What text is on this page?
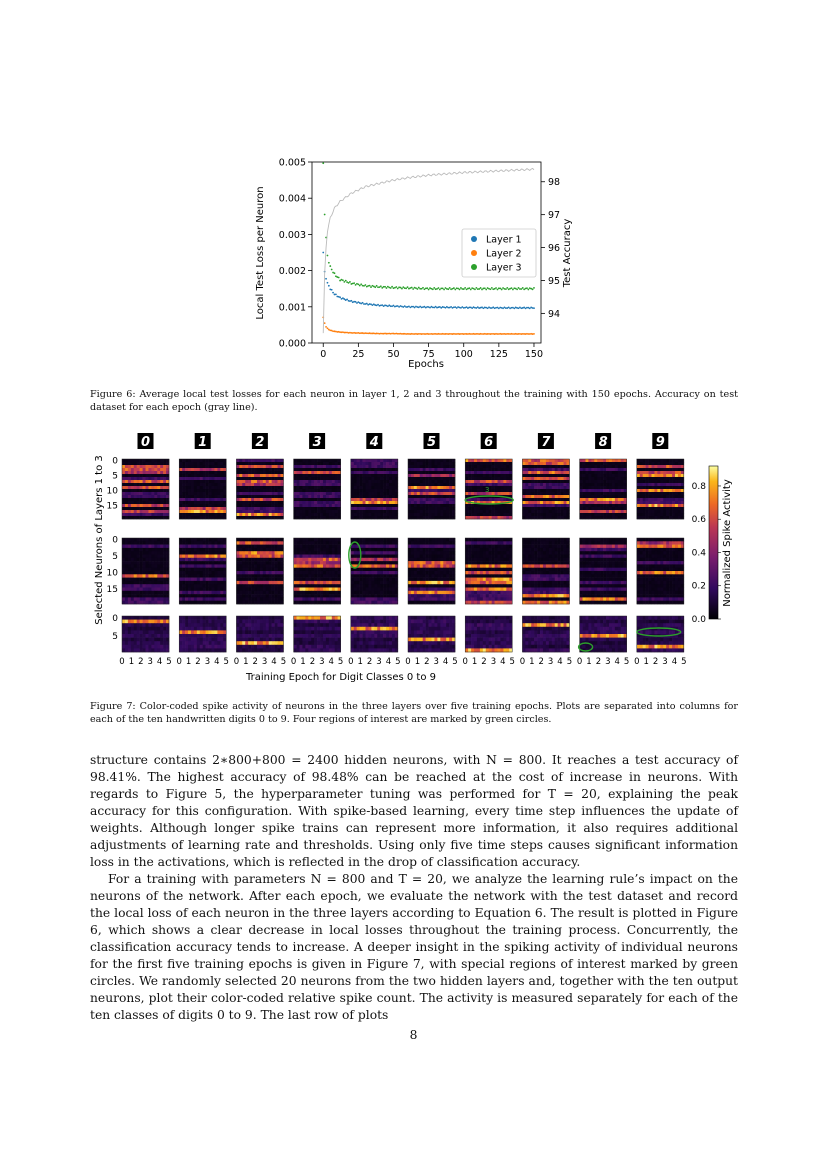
0.000
0.001
0.002
0.003
0.004
0.005
94
95
96
97
98
0	25 50 75 100 125 150
Layer 1
Layer 2
Layer 3
Epochs
Local Test Loss per Neuron	Test Accuracy
Figure 6: Average local test losses for each neuron in layer 1, 2 and 3 throughout the training with 150 epochs. Accuracy on test dataset for each epoch (gray line).
0	1	2	3	4	5	6	7	8	9
0
5
10
15
0
5
10
15
0
5
0 1 2 3 4 5 0 1 2 3 4 5 0 1 2 3 4 5 0 1 2 3 4 5 0 1 2 3 4 5 0 1 2 3 4 5 0 1 2 3 4 5 0 1 2 3 4 5 0 1 2 3 4 5 0 1 2 3 4 5
3
0.0
0.2
0.4
0.6
0.8
Selected Neurons of Layers 1 to 3
Training Epoch for Digit Classes 0 to 9
Normalized Spike Activity
Figure 7: Color-coded spike activity of neurons in the three layers over five training epochs. Plots are separated into columns for each of the ten handwritten digits 0 to 9. Four regions of interest are marked by green circles.

structure contains 2∗800+800 = 2400 hidden neurons, with N = 800. It reaches a test accuracy of 98.41%. The highest accuracy of 98.48% can be reached at the cost of increase in neurons. With regards to Figure 5, the hyperparameter tuning was performed for T = 20, explaining the peak accuracy for this configuration. With spike-based learning, every time step influences the update of weights. Although longer spike trains can represent more information, it also requires additional adjustments of learning rate and thresholds. Using only five time steps causes significant information loss in the activations, which is reflected in the drop of classification accuracy.

For a training with parameters N = 800 and T = 20, we analyze the learning rule’s impact on the neurons of the network. After each epoch, we evaluate the network with the test dataset and record the local loss of each neuron in the three layers according to Equation 6. The result is plotted in Figure 6, which shows a clear decrease in local losses throughout the training process. Concurrently, the classification accuracy tends to increase. A deeper insight in the spiking activity of individual neurons for the first five training epochs is given in Figure 7, with special regions of interest marked by green circles. We randomly selected 20 neurons from the two hidden layers and, together with the ten output neurons, plot their color-coded relative spike count. The activity is measured separately for each of the ten classes of digits 0 to 9. The last row of plots

8
